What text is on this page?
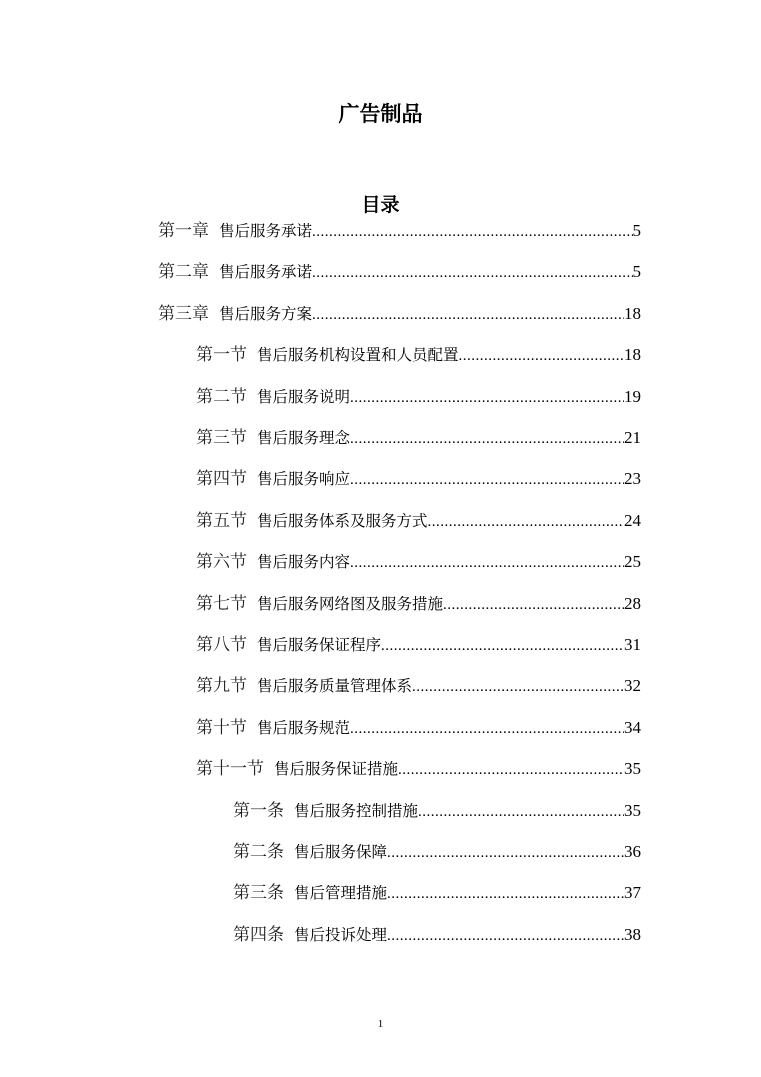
广告制品
目录
第一章 售后服务承诺 .....	5
第二章 售后服务承诺 .....	5
第三章 售后服务方案 .....	18
第一节 售后服务机构设置和人员配置 .....	18
第二节 售后服务说明 .....	19
第三节 售后服务理念 .....	21
第四节 售后服务响应 .....	23
第五节 售后服务体系及服务方式 .....	24
第六节 售后服务内容 .....	25
第七节 售后服务网络图及服务措施 .....	28
第八节 售后服务保证程序 .....	31
第九节 售后服务质量管理体系 .....	32
第十节 售后服务规范 .....	34
第十一节 售后服务保证措施 .....	35
第一条 售后服务控制措施 .....	35
第二条 售后服务保障 .....	36
第三条 售后管理措施 .....	37
第四条 售后投诉处理 .....	38
1
